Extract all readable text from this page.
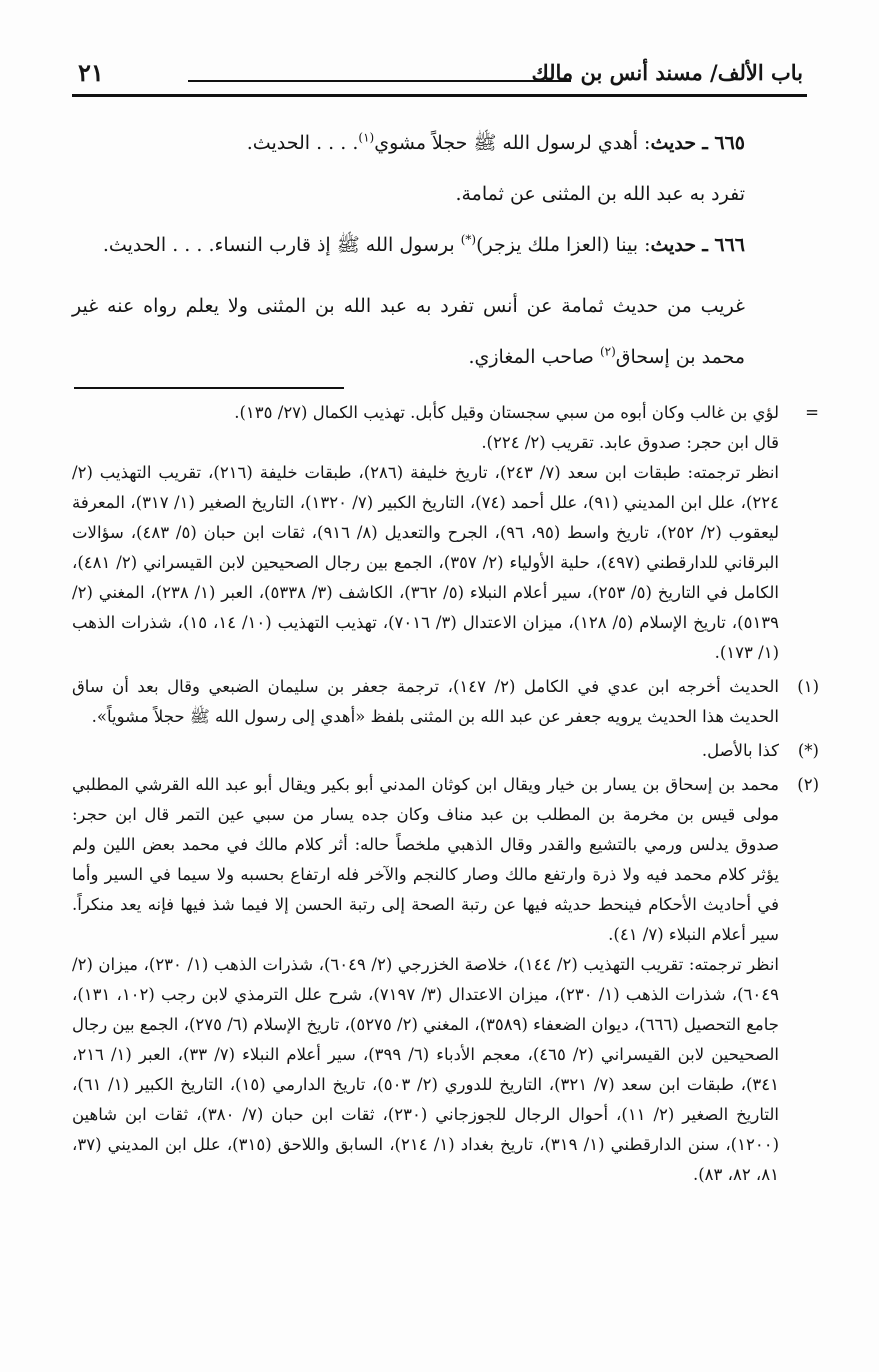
باب الألف/ مسند أنس بن مالك
٢١

٦٦٥ ـ حديث: أهدي لرسول الله ﷺ حجلاً مشوي$^{(١)}$. . . . الحديث.

تفرد به عبد الله بن المثنى عن ثمامة.

٦٦٦ ـ حديث: بينا (العزا ملك يزجر)(*) برسول الله ﷺ إذ قارب النساء. . . . الحديث.

غريب من حديث ثمامة عن أنس تفرد به عبد الله بن المثنى ولا يعلم رواه عنه غير محمد بن إسحاق$^{(٢)}$ صاحب المغازي.

=

لؤي بن غالب وكان أبوه من سبي سجستان وقيل كأبل. تهذيب الكمال (٢٧/ ١٣٥).

قال ابن حجر: صدوق عابد. تقريب (٢/ ٢٢٤).

انظر ترجمته: طبقات ابن سعد (٧/ ٢٤٣)، تاريخ خليفة (٢٨٦)، طبقات خليفة (٢١٦)، تقريب التهذيب (٢/ ٢٢٤)، علل ابن المديني (٩١)، علل أحمد (٧٤)، التاريخ الكبير (٧/ ١٣٢٠)، التاريخ الصغير (١/ ٣١٧)، المعرفة ليعقوب (٢/ ٢٥٢)، تاريخ واسط (٩٥، ٩٦)، الجرح والتعديل (٨/ ٩١٦)، ثقات ابن حبان (٥/ ٤٨٣)، سؤالات البرقاني للدارقطني (٤٩٧)، حلية الأولياء (٢/ ٣٥٧)، الجمع بين رجال الصحيحين لابن القيسراني (٢/ ٤٨١)، الكامل في التاريخ (٥/ ٢٥٣)، سير أعلام النبلاء (٥/ ٣٦٢)، الكاشف (٣/ ٥٣٣٨)، العبر (١/ ٢٣٨)، المغني (٢/ ٥١٣٩)، تاريخ الإسلام (٥/ ١٢٨)، ميزان الاعتدال (٣/ ٧٠١٦)، تهذيب التهذيب (١٠/ ١٤، ١٥)، شذرات الذهب (١/ ١٧٣).

(١)

الحديث أخرجه ابن عدي في الكامل (٢/ ١٤٧)، ترجمة جعفر بن سليمان الضبعي وقال بعد أن ساق الحديث هذا الحديث يرويه جعفر عن عبد الله بن المثنى بلفظ «أهدي إلى رسول الله ﷺ حجلاً مشوياً».

(*)

كذا بالأصل.

(٢)

محمد بن إسحاق بن يسار بن خيار ويقال ابن كوثان المدني أبو بكير ويقال أبو عبد الله القرشي المطلبي مولى قيس بن مخرمة بن المطلب بن عبد مناف وكان جده يسار من سبي عين التمر قال ابن حجر: صدوق يدلس ورمي بالتشيع والقدر وقال الذهبي ملخصاً حاله: أثر كلام مالك في محمد بعض اللين ولم يؤثر كلام محمد فيه ولا ذرة وارتفع مالك وصار كالنجم والآخر فله ارتفاع بحسبه ولا سيما في السير وأما في أحاديث الأحكام فينحط حديثه فيها عن رتبة الصحة إلى رتبة الحسن إلا فيما شذ فيها فإنه يعد منكراً. سير أعلام النبلاء (٧/ ٤١).

انظر ترجمته: تقريب التهذيب (٢/ ١٤٤)، خلاصة الخزرجي (٢/ ٦٠٤٩)، شذرات الذهب (١/ ٢٣٠)، ميزان (٢/ ٦٠٤٩)، شذرات الذهب (١/ ٢٣٠)، ميزان الاعتدال (٣/ ٧١٩٧)، شرح علل الترمذي لابن رجب (١٠٢، ١٣١)، جامع التحصيل (٦٦٦)، ديوان الضعفاء (٣٥٨٩)، المغني (٢/ ٥٢٧٥)، تاريخ الإسلام (٦/ ٢٧٥)، الجمع بين رجال الصحيحين لابن القيسراني (٢/ ٤٦٥)، معجم الأدباء (٦/ ٣٩٩)، سير أعلام النبلاء (٧/ ٣٣)، العبر (١/ ٢١٦، ٣٤١)، طبقات ابن سعد (٧/ ٣٢١)، التاريخ للدوري (٢/ ٥٠٣)، تاريخ الدارمي (١٥)، التاريخ الكبير (١/ ٦١)، التاريخ الصغير (٢/ ١١)، أحوال الرجال للجوزجاني (٢٣٠)، ثقات ابن حبان (٧/ ٣٨٠)، ثقات ابن شاهين (١٢٠٠)، سنن الدارقطني (١/ ٣١٩)، تاريخ بغداد (١/ ٢١٤)، السابق واللاحق (٣١٥)، علل ابن المديني (٣٧، ٨١، ٨٢، ٨٣).
